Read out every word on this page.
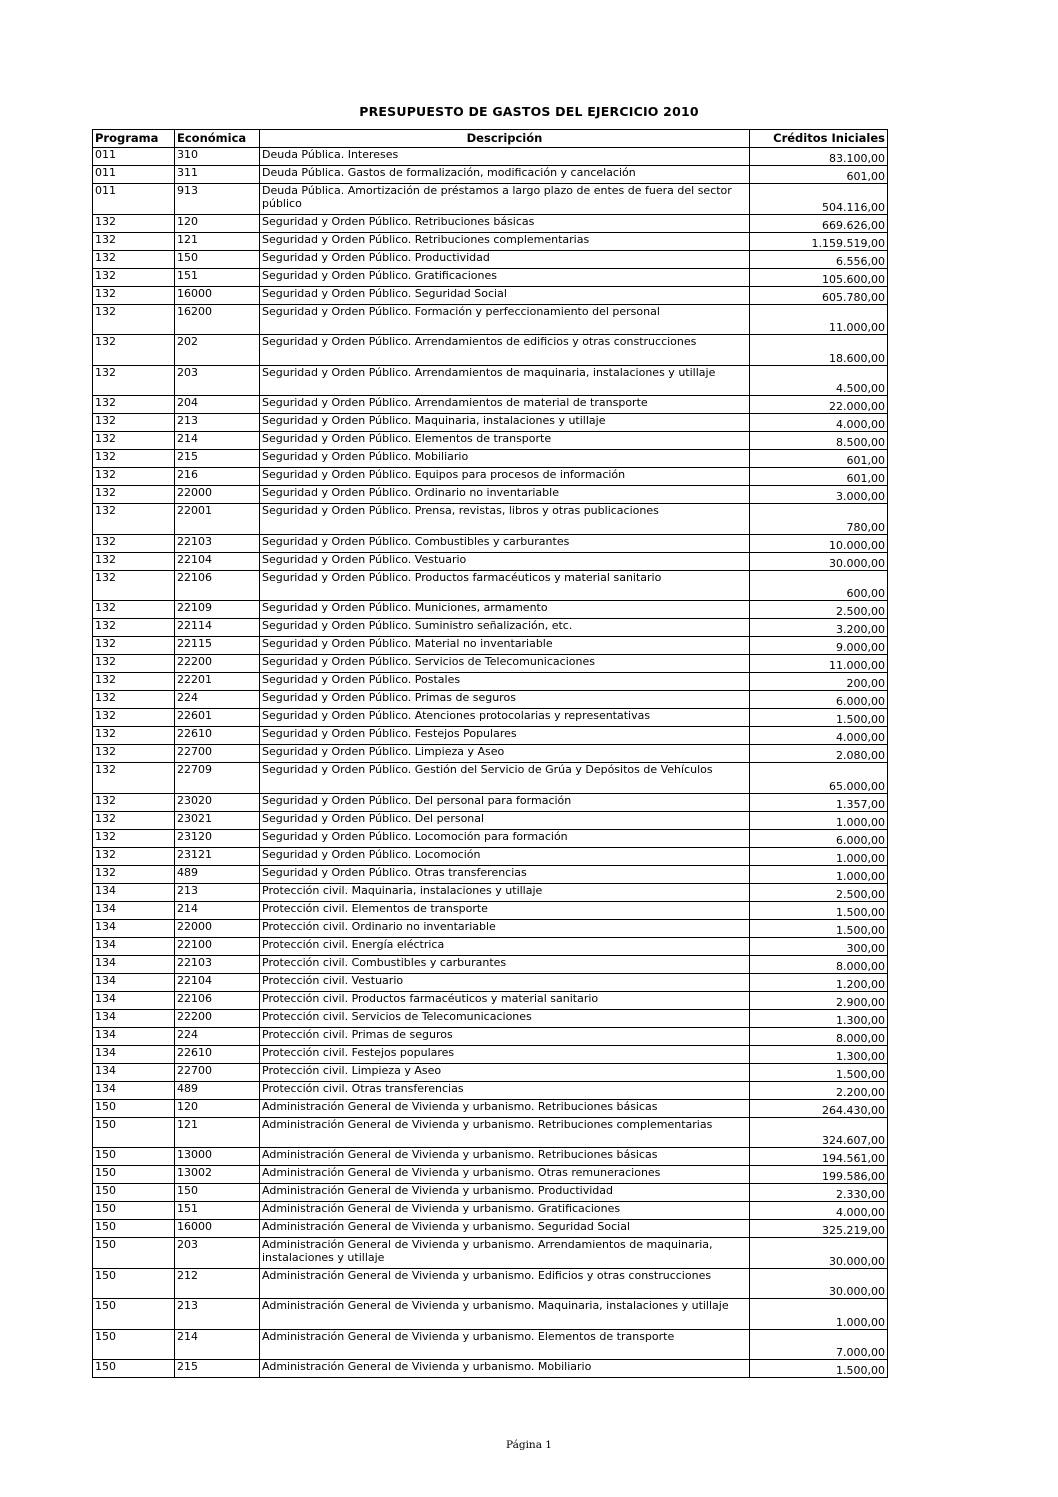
PRESUPUESTO DE GASTOS DEL EJERCICIO 2010
Programa	Económica	Descripción	Créditos Iniciales
011	310	Deuda Pública. Intereses	83.100,00
011	311	Deuda Pública. Gastos de formalización, modificación y cancelación	601,00
011	913	Deuda Pública. Amortización de préstamos a largo plazo de entes de fuera del sector público	504.116,00
132	120	Seguridad y Orden Público. Retribuciones básicas	669.626,00
132	121	Seguridad y Orden Público. Retribuciones complementarias	1.159.519,00
132	150	Seguridad y Orden Público. Productividad	6.556,00
132	151	Seguridad y Orden Público. Gratificaciones	105.600,00
132	16000	Seguridad y Orden Público. Seguridad Social	605.780,00
132	16200	Seguridad y Orden Público. Formación y perfeccionamiento del personal	11.000,00
132	202	Seguridad y Orden Público. Arrendamientos de edificios y otras construcciones	18.600,00
132	203	Seguridad y Orden Público. Arrendamientos de maquinaria, instalaciones y utillaje	4.500,00
132	204	Seguridad y Orden Público. Arrendamientos de material de transporte	22.000,00
132	213	Seguridad y Orden Público. Maquinaria, instalaciones y utillaje	4.000,00
132	214	Seguridad y Orden Público. Elementos de transporte	8.500,00
132	215	Seguridad y Orden Público. Mobiliario	601,00
132	216	Seguridad y Orden Público. Equipos para procesos de información	601,00
132	22000	Seguridad y Orden Público. Ordinario no inventariable	3.000,00
132	22001	Seguridad y Orden Público. Prensa, revistas, libros y otras publicaciones	780,00
132	22103	Seguridad y Orden Público. Combustibles y carburantes	10.000,00
132	22104	Seguridad y Orden Público. Vestuario	30.000,00
132	22106	Seguridad y Orden Público. Productos farmacéuticos y material sanitario	600,00
132	22109	Seguridad y Orden Público. Municiones, armamento	2.500,00
132	22114	Seguridad y Orden Público. Suministro señalización, etc.	3.200,00
132	22115	Seguridad y Orden Público. Material no inventariable	9.000,00
132	22200	Seguridad y Orden Público. Servicios de Telecomunicaciones	11.000,00
132	22201	Seguridad y Orden Público. Postales	200,00
132	224	Seguridad y Orden Público. Primas de seguros	6.000,00
132	22601	Seguridad y Orden Público. Atenciones protocolarias y representativas	1.500,00
132	22610	Seguridad y Orden Público. Festejos Populares	4.000,00
132	22700	Seguridad y Orden Público. Limpieza y Aseo	2.080,00
132	22709	Seguridad y Orden Público. Gestión del Servicio de Grúa y Depósitos de Vehículos	65.000,00
132	23020	Seguridad y Orden Público. Del personal para formación	1.357,00
132	23021	Seguridad y Orden Público. Del personal	1.000,00
132	23120	Seguridad y Orden Público. Locomoción para formación	6.000,00
132	23121	Seguridad y Orden Público. Locomoción	1.000,00
132	489	Seguridad y Orden Público. Otras transferencias	1.000,00
134	213	Protección civil. Maquinaria, instalaciones y utillaje	2.500,00
134	214	Protección civil. Elementos de transporte	1.500,00
134	22000	Protección civil. Ordinario no inventariable	1.500,00
134	22100	Protección civil. Energía eléctrica	300,00
134	22103	Protección civil. Combustibles y carburantes	8.000,00
134	22104	Protección civil. Vestuario	1.200,00
134	22106	Protección civil. Productos farmacéuticos y material sanitario	2.900,00
134	22200	Protección civil. Servicios de Telecomunicaciones	1.300,00
134	224	Protección civil. Primas de seguros	8.000,00
134	22610	Protección civil. Festejos populares	1.300,00
134	22700	Protección civil. Limpieza y Aseo	1.500,00
134	489	Protección civil. Otras transferencias	2.200,00
150	120	Administración General de Vivienda y urbanismo. Retribuciones básicas	264.430,00
150	121	Administración General de Vivienda y urbanismo. Retribuciones complementarias	324.607,00
150	13000	Administración General de Vivienda y urbanismo. Retribuciones básicas	194.561,00
150	13002	Administración General de Vivienda y urbanismo. Otras remuneraciones	199.586,00
150	150	Administración General de Vivienda y urbanismo. Productividad	2.330,00
150	151	Administración General de Vivienda y urbanismo. Gratificaciones	4.000,00
150	16000	Administración General de Vivienda y urbanismo. Seguridad Social	325.219,00
150	203	Administración General de Vivienda y urbanismo. Arrendamientos de maquinaria, instalaciones y utillaje	30.000,00
150	212	Administración General de Vivienda y urbanismo. Edificios y otras construcciones	30.000,00
150	213	Administración General de Vivienda y urbanismo. Maquinaria, instalaciones y utillaje	1.000,00
150	214	Administración General de Vivienda y urbanismo. Elementos de transporte	7.000,00
150	215	Administración General de Vivienda y urbanismo. Mobiliario	1.500,00
Página 1
